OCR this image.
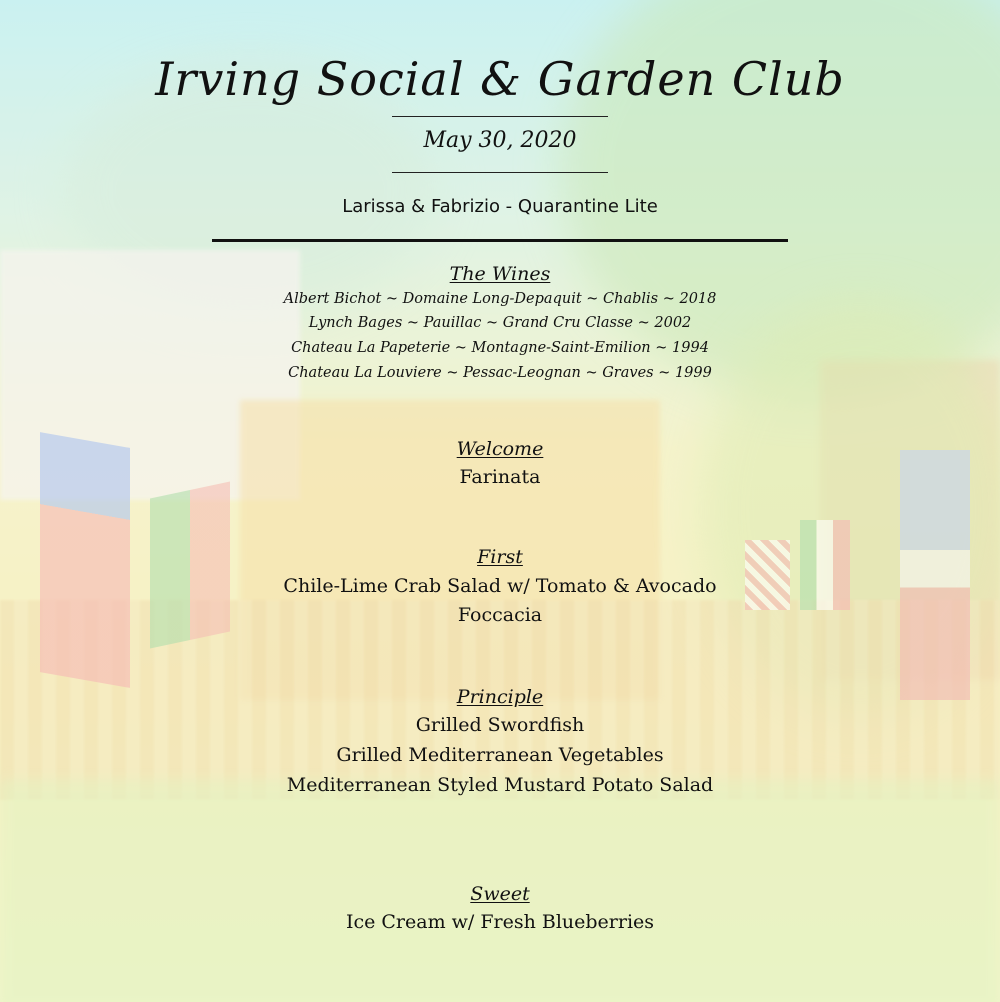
Irving Social & Garden Club
May 30, 2020
Larissa & Fabrizio - Quarantine Lite
The Wines
Albert Bichot ~ Domaine Long-Depaquit ~ Chablis ~ 2018
Lynch Bages ~ Pauillac ~ Grand Cru Classe ~ 2002
Chateau La Papeterie ~ Montagne-Saint-Emilion ~ 1994
Chateau La Louviere ~ Pessac-Leognan ~ Graves ~ 1999
Welcome
Farinata
First
Chile-Lime Crab Salad w/ Tomato & Avocado
Foccacia
Principle
Grilled Swordfish
Grilled Mediterranean Vegetables
Mediterranean Styled Mustard Potato Salad
Sweet
Ice Cream w/ Fresh Blueberries
